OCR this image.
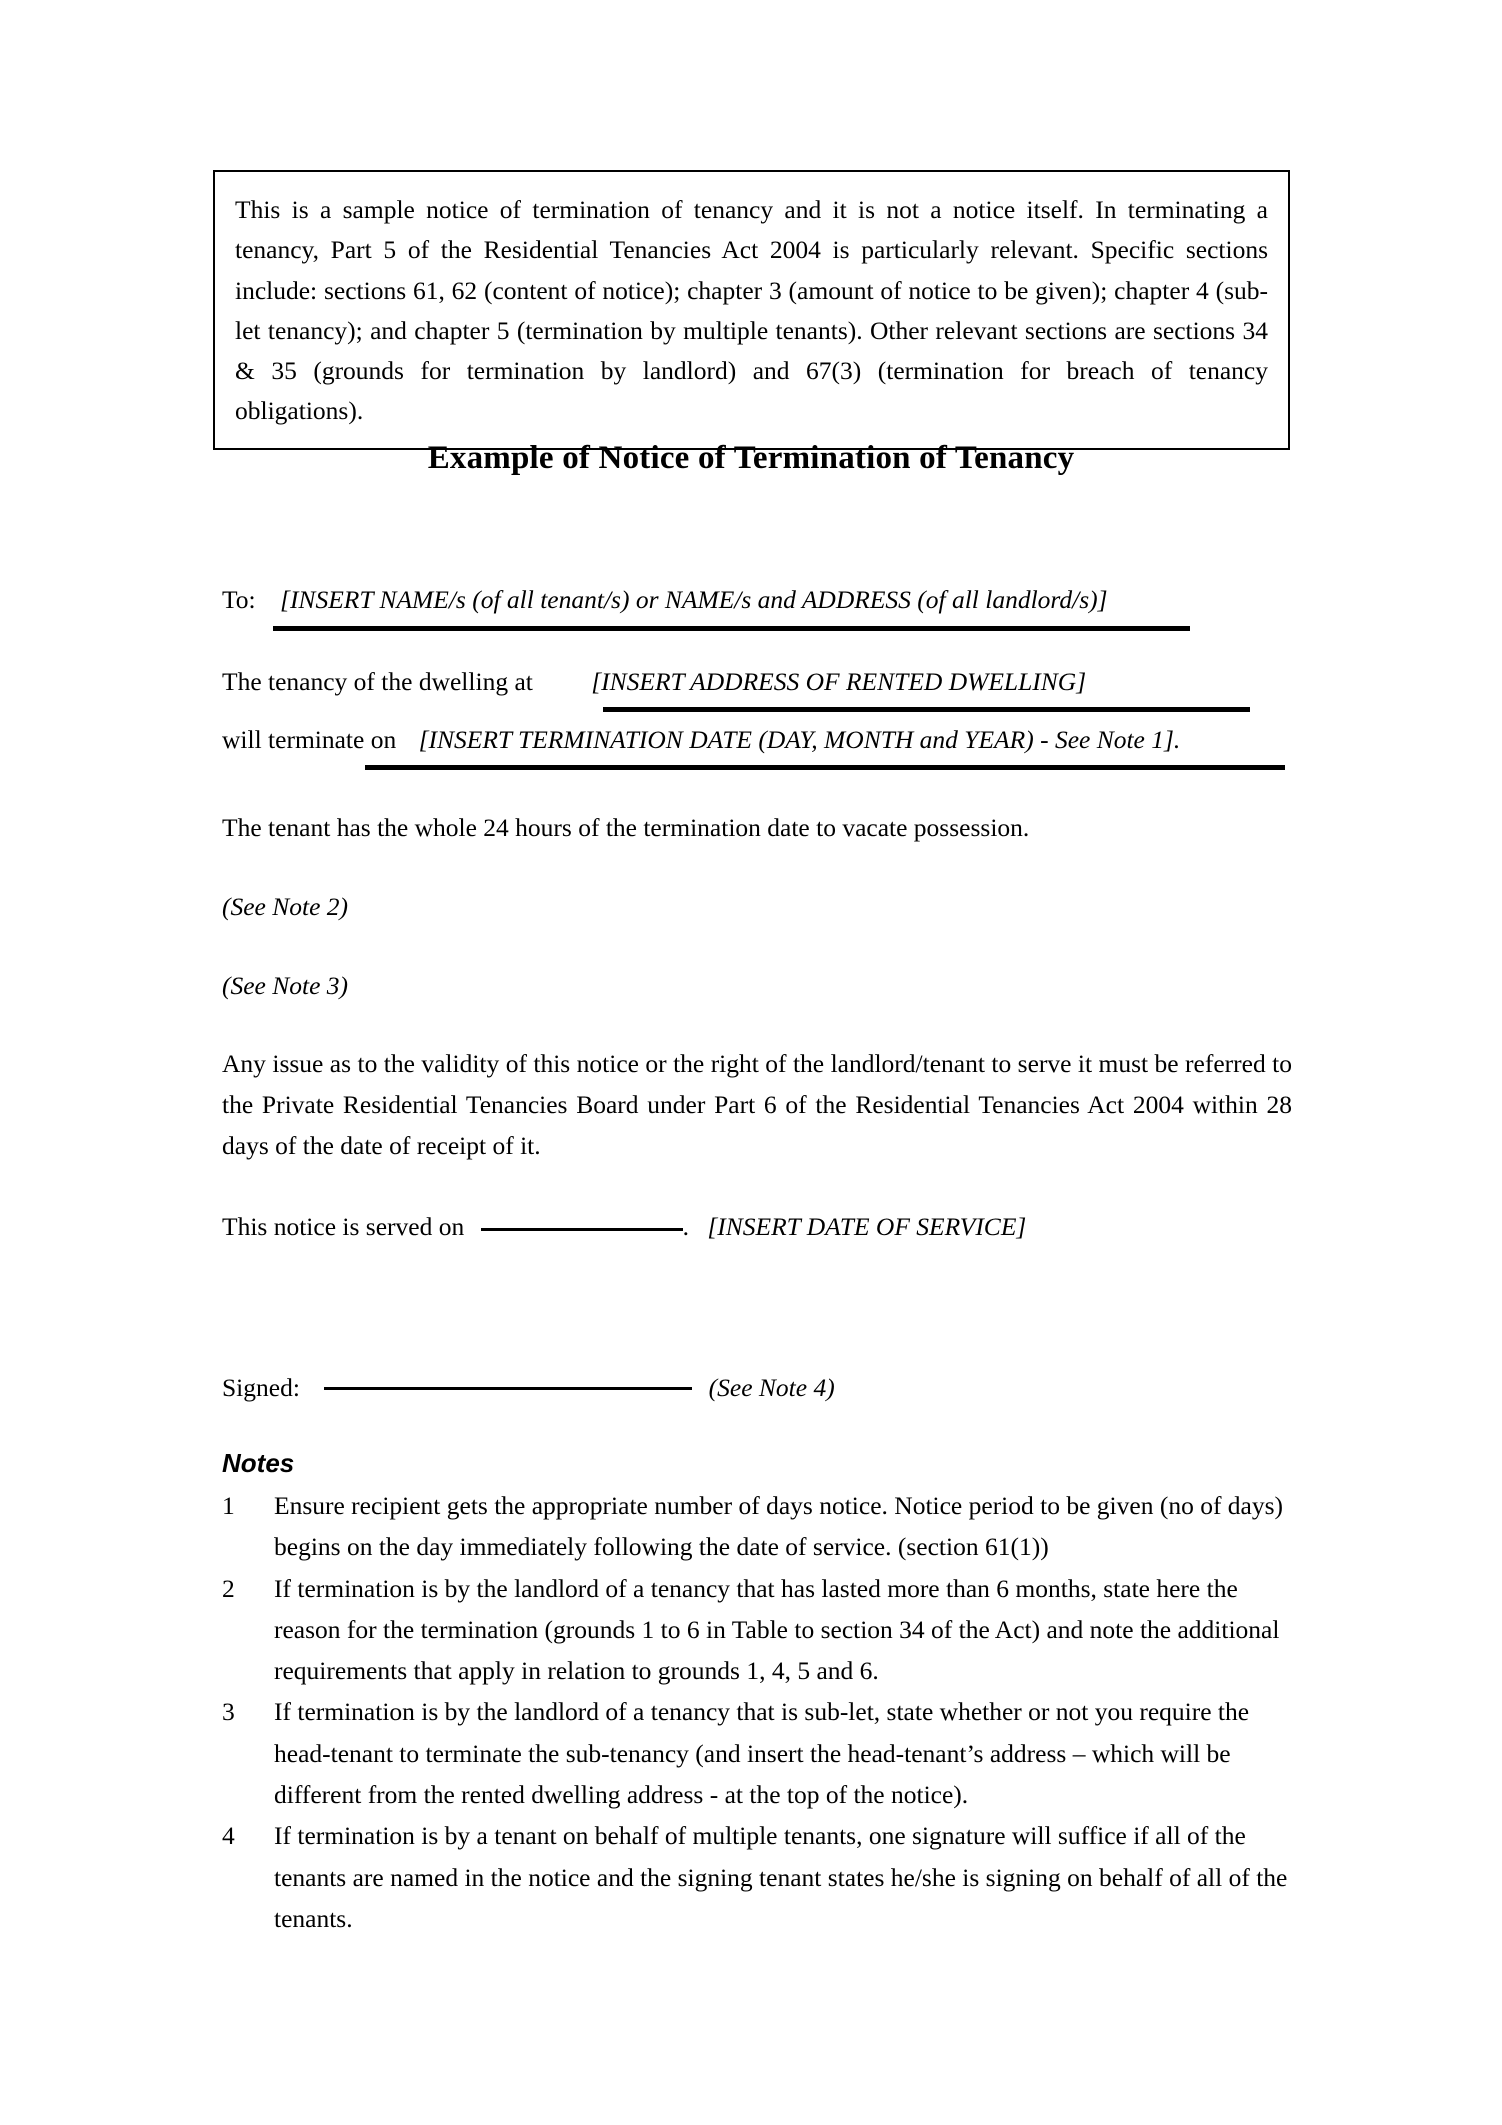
This is a sample notice of termination of tenancy and it is not a notice itself. In terminating a tenancy, Part 5 of the Residential Tenancies Act 2004 is particularly relevant. Specific sections include: sections 61, 62 (content of notice); chapter 3 (amount of notice to be given); chapter 4 (sub-let tenancy); and chapter 5 (termination by multiple tenants). Other relevant sections are sections 34 & 35 (grounds for termination by landlord) and 67(3) (termination for breach of tenancy obligations).

Example of Notice of Termination of Tenancy
To: [INSERT NAME/s (of all tenant/s) or NAME/s and ADDRESS (of all landlord/s)]
The tenancy of the dwelling at [INSERT ADDRESS OF RENTED DWELLING]
will terminate on [INSERT TERMINATION DATE (DAY, MONTH and YEAR) - See Note 1].
The tenant has the whole 24 hours of the termination date to vacate possession.
(See Note 2)
(See Note 3)
Any issue as to the validity of this notice or the right of the landlord/tenant to serve it must be referred to the Private Residential Tenancies Board under Part 6 of the Residential Tenancies Act 2004 within 28 days of the date of receipt of it.
This notice is served on	. [INSERT DATE OF SERVICE]
Signed:	(See Note 4)
Notes
1	Ensure recipient gets the appropriate number of days notice. Notice period to be given (no of days) begins on the day immediately following the date of service. (section 61(1))
2	If termination is by the landlord of a tenancy that has lasted more than 6 months, state here the reason for the termination (grounds 1 to 6 in Table to section 34 of the Act) and note the additional requirements that apply in relation to grounds 1, 4, 5 and 6.
3	If termination is by the landlord of a tenancy that is sub-let, state whether or not you require the head-tenant to terminate the sub-tenancy (and insert the head-tenant’s address – which will be different from the rented dwelling address - at the top of the notice).
4	If termination is by a tenant on behalf of multiple tenants, one signature will suffice if all of the tenants are named in the notice and the signing tenant states he/she is signing on behalf of all of the tenants.
